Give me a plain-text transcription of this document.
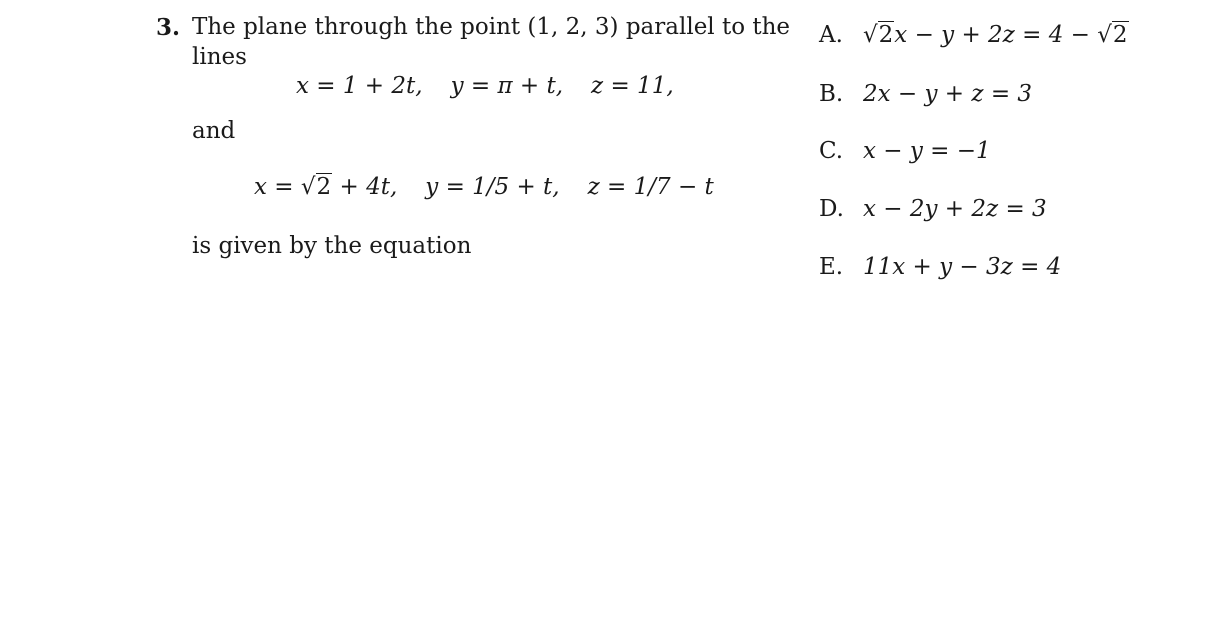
3. The plane through the point (1, 2, 3) parallel to the
lines
x = 1 + 2t, y = π + t, z = 11,
and
x = √2 + 4t, y = 1/5 + t, z = 1/7 − t
is given by the equation
A. √2x − y + 2z = 4 − √2
B. 2x − y + z = 3
C. x − y = −1
D. x − 2y + 2z = 3
E. 11x + y − 3z = 4
